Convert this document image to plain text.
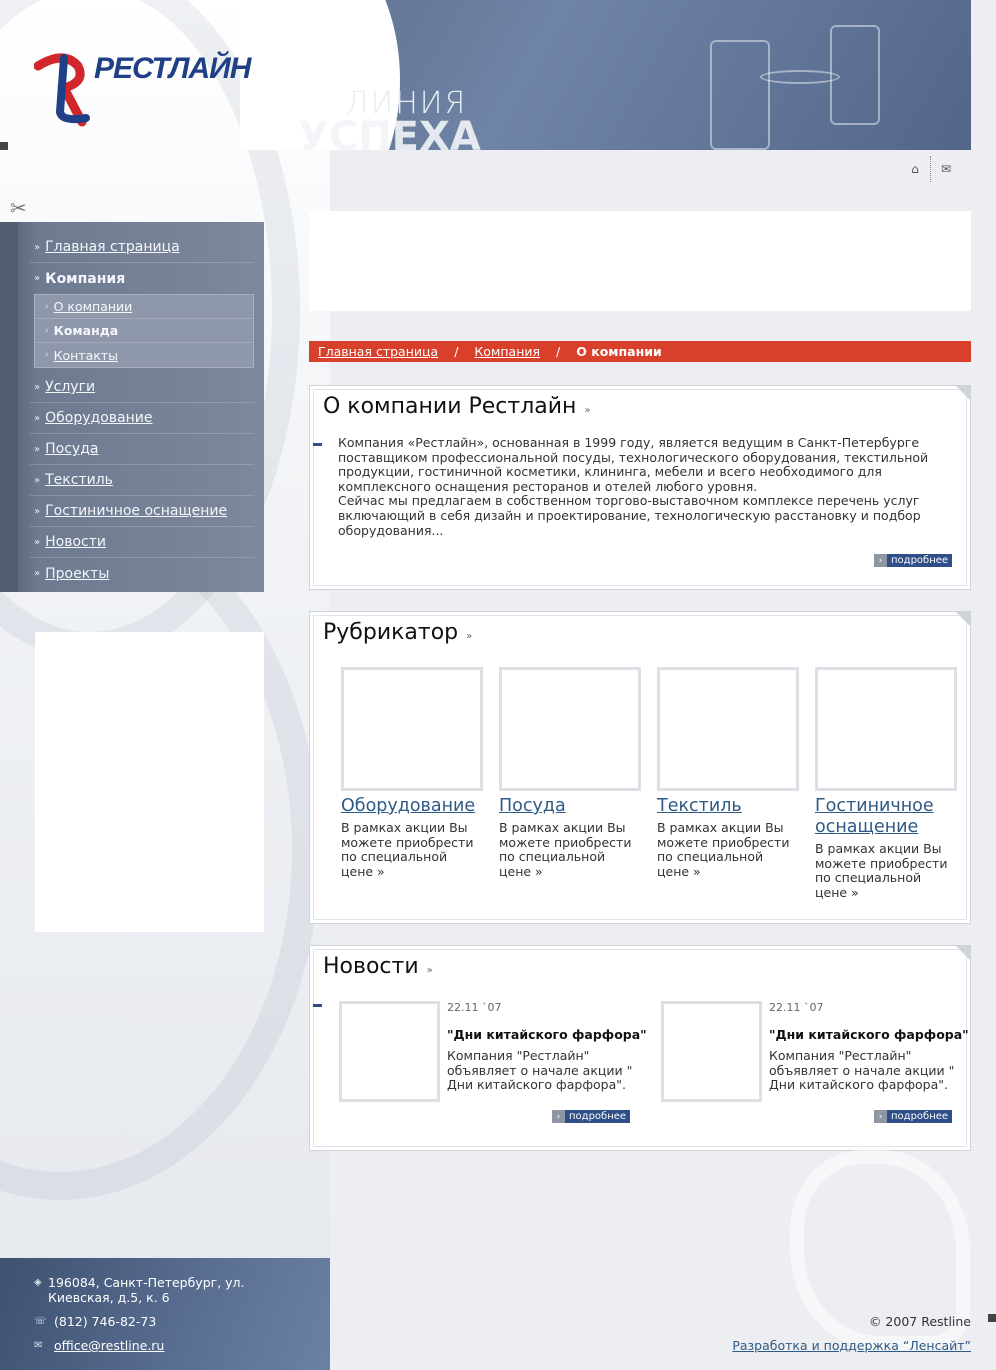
ЛИНИЯ
УСПЕХА
РЕСТЛАЙН
⌂	✉
✂
» Главная страница
» Компания
› О компании
› Команда
› Контакты
» Услуги
» Оборудование
» Посуда
» Текстиль
» Гостиничное оснащение
» Новости
» Проекты
Главная страница / Компания / О компании
О компании Рестлайн »
Компания «Рестлайн», основанная в 1999 году, является ведущим в Санкт-Петербурге поставщиком профессиональной посуды, технологического оборудования, текстильной продукции, гостиничной косметики, клининга, мебели и всего необходимого для комплексного оснащения ресторанов и отелей любого уровня.
Сейчас мы предлагаем в собственном торгово-выставочном комплексе перечень услуг включающий в себя дизайн и проектирование, технологическую расстановку и подбор оборудования...
› подробнее
Рубрикатор »
Оборудование
В рамках акции Вы можете приобрести по специальной цене »
Посуда
В рамках акции Вы можете приобрести по специальной цене »
Текстиль
В рамках акции Вы можете приобрести по специальной цене »
Гостиничное оснащение
В рамках акции Вы можете приобрести по специальной цене »
Новости »
22.11 `07
"Дни китайского фарфора"
Компания "Рестлайн" объявляет о начале акции " Дни китайского фарфора".
› подробнее
22.11 `07
"Дни китайского фарфора"
Компания "Рестлайн" объявляет о начале акции " Дни китайского фарфора".
› подробнее
◈ 196084, Санкт-Петербург, ул. Киевская, д.5, к. 6
☏ (812) 746-82-73
✉ office@restline.ru
© 2007 Restline
Разработка и поддержка “Ленсайт”
